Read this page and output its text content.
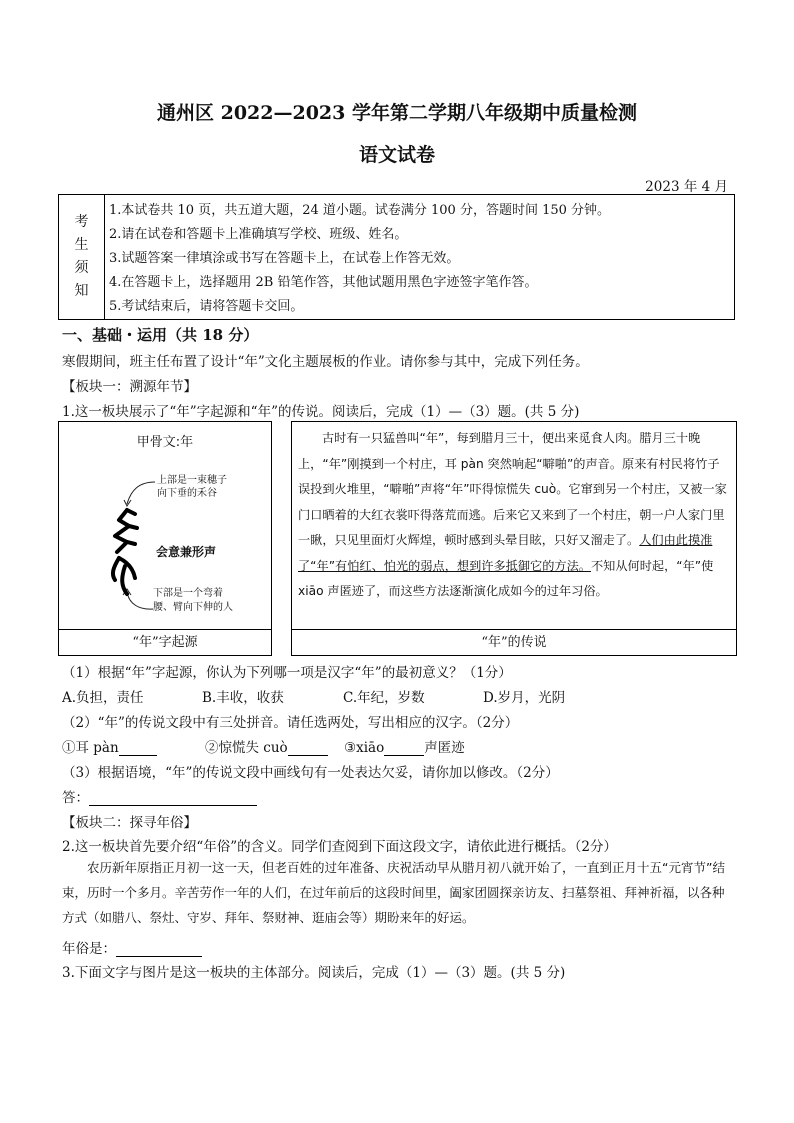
通州区 2022—2023 学年第二学期八年级期中质量检测
语文试卷
2023 年 4 月
考
生
须
知
1.本试卷共 10 页，共五道大题，24 道小题。试卷满分 100 分，答题时间 150 分钟。
2.请在试卷和答题卡上准确填写学校、班级、姓名。
3.试题答案一律填涂或书写在答题卡上，在试卷上作答无效。
4.在答题卡上，选择题用 2B 铅笔作答，其他试题用黑色字迹签字笔作答。
5.考试结束后，请将答题卡交回。
一、基础・运用（共 18 分）
寒假期间，班主任布置了设计“年”文化主题展板的作业。请你参与其中，完成下列任务。
【板块一：溯源年节】
1.这一板块展示了“年”字起源和“年”的传说。阅读后，完成（1）—（3）题。(共 5 分)
甲骨文:年
上部是一束穗子
向下垂的禾谷
会意兼形声
下部是一个弯着
腰、臂向下伸的人
“年”字起源
古时有一只猛兽叫“年”，每到腊月三十，便出来觅食人肉。腊月三十晚上，“年”刚摸到一个村庄，耳 pàn 突然响起“噼啪”的声音。原来有村民将竹子误投到火堆里，“噼啪”声将“年”吓得惊慌失 cuò。它窜到另一个村庄，又被一家门口晒着的大红衣裳吓得落荒而逃。后来它又来到了一个村庄，朝一户人家门里一瞅，只见里面灯火辉煌，顿时感到头晕目眩，只好又溜走了。人们由此摸准了“年”有怕红、怕光的弱点，想到许多抵御它的方法。不知从何时起，“年”使 xiāo 声匿迹了，而这些方法逐渐演化成如今的过年习俗。
“年”的传说
（1）根据“年”字起源，你认为下列哪一项是汉字“年”的最初意义？（1分）
A.负担，责任	B.丰收，收获	C.年纪，岁数	D.岁月，光阴
（2）“年”的传说文段中有三处拼音。请任选两处，写出相应的汉字。（2分）
①耳 pàn	②惊慌失 cuò	③xiāo	声匿迹
（3）根据语境，“年”的传说文段中画线句有一处表达欠妥，请你加以修改。（2分）
答：
【板块二：探寻年俗】
2.这一板块首先要介绍“年俗”的含义。同学们查阅到下面这段文字，请依此进行概括。（2分）
农历新年原指正月初一这一天，但老百姓的过年准备、庆祝活动早从腊月初八就开始了，一直到正月十五“元宵节”结束，历时一个多月。辛苦劳作一年的人们，在过年前后的这段时间里，阖家团圆探亲访友、扫墓祭祖、拜神祈福，以各种方式（如腊八、祭灶、守岁、拜年、祭财神、逛庙会等）期盼来年的好运。
年俗是：
3.下面文字与图片是这一板块的主体部分。阅读后，完成（1）—（3）题。(共 5 分)
